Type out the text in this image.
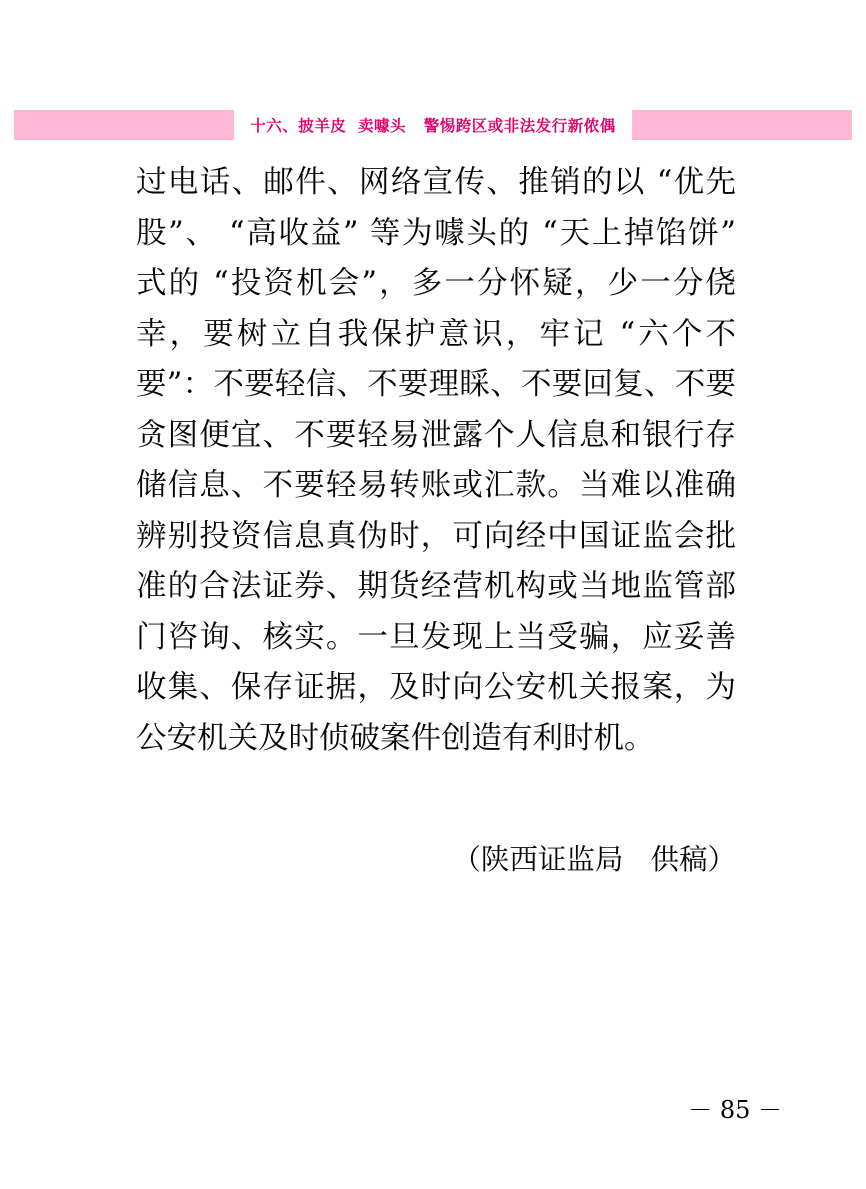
十六、披羊皮  卖噱头   警惕跨区或非法发行新侬偶
过电话、邮件、网络宣传、推销的以 “优先股”、 “高收益” 等为噱头的 “天上掉馅饼” 式的 “投资机会”，多一分怀疑，少一分侥幸，要树立自我保护意识，牢记 “六个不要”：不要轻信、不要理睬、不要回复、不要贪图便宜、不要轻易泄露个人信息和银行存储信息、不要轻易转账或汇款。当难以准确辨别投资信息真伪时，可向经中国证监会批准的合法证券、期货经营机构或当地监管部门咨询、核实。一旦发现上当受骗，应妥善收集、保存证据，及时向公安机关报案，为公安机关及时侦破案件创造有利时机。
（陕西证监局   供稿）
－ 85 －
